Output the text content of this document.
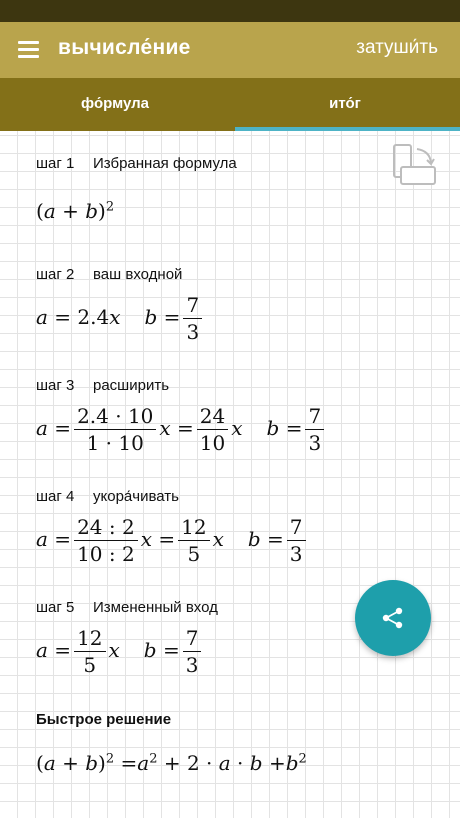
вычисле́ние	затуши́ть
фо́рмула	ито́г
шаг 1 Избранная формула
$(a + b)^2$
шаг 2 ваш входной
a = 2.4x $b = \frac{7}{3}$
шаг 3 расширить
$a = \frac{2.4 \cdot 10}{1 \cdot 10}$ $x = \frac{24}{10}$ x $b = \frac{7}{3}$
шаг 4 укора́чивать
$a = \frac{24 : 2}{10 : 2}$ $x = \frac{12}{5}$ x $b = \frac{7}{3}$
шаг 5 Измененный вход
$a = \frac{12}{5}$ x $b = \frac{7}{3}$
Быстрое решение
$(a + b)^2 =a^2 + 2 \cdot a \cdot b +b^2$
